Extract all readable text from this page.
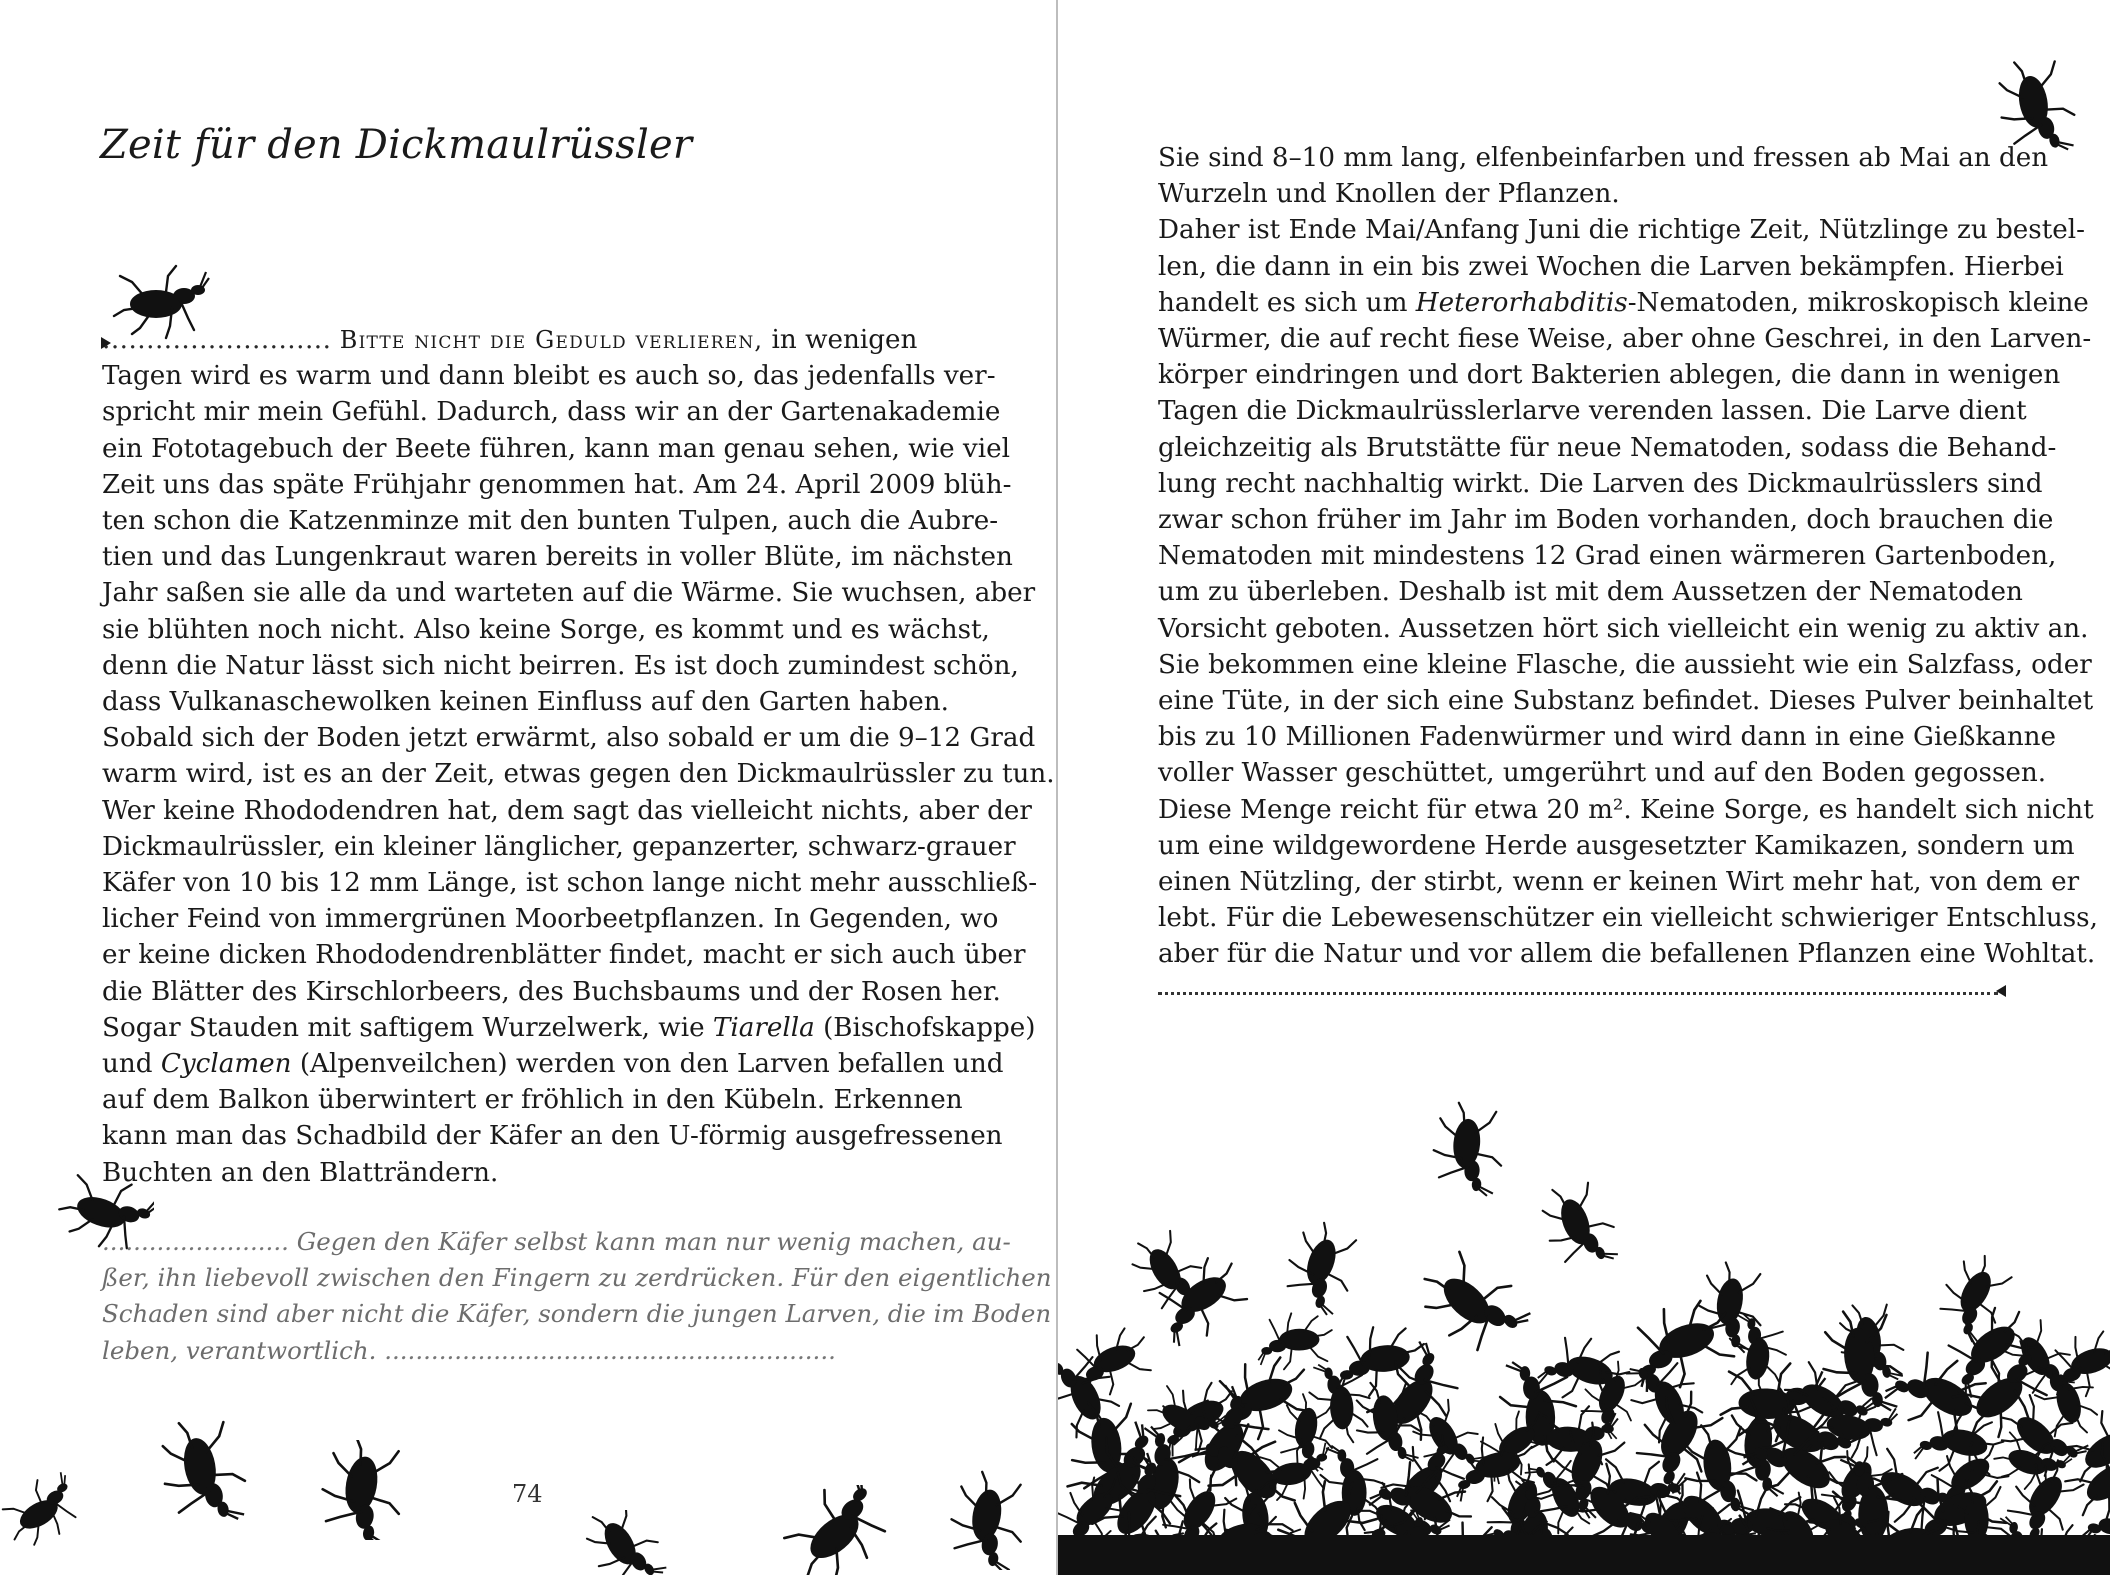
Zeit für den Dickmaulrüssler
.......................... Bitte nicht die Geduld verlieren, in wenigen
Tagen wird es warm und dann bleibt es auch so, das jedenfalls ver-
spricht mir mein Gefühl. Dadurch, dass wir an der Gartenakademie
ein Fototagebuch der Beete führen, kann man genau sehen, wie viel
Zeit uns das späte Frühjahr genommen hat. Am 24. April 2009 blüh-
ten schon die Katzenminze mit den bunten Tulpen, auch die Aubre-
tien und das Lungenkraut waren bereits in voller Blüte, im nächsten
Jahr saßen sie alle da und warteten auf die Wärme. Sie wuchsen, aber
sie blühten noch nicht. Also keine Sorge, es kommt und es wächst,
denn die Natur lässt sich nicht beirren. Es ist doch zumindest schön,
dass Vulkanaschewolken keinen Einfluss auf den Garten haben.
Sobald sich der Boden jetzt erwärmt, also sobald er um die 9–12 Grad
warm wird, ist es an der Zeit, etwas gegen den Dickmaulrüssler zu tun.
Wer keine Rhododendren hat, dem sagt das vielleicht nichts, aber der
Dickmaulrüssler, ein kleiner länglicher, gepanzerter, schwarz-grauer
Käfer von 10 bis 12 mm Länge, ist schon lange nicht mehr ausschließ-
licher Feind von immergrünen Moorbeetpflanzen. In Gegenden, wo
er keine dicken Rhododendrenblätter findet, macht er sich auch über
die Blätter des Kirschlorbeers, des Buchsbaums und der Rosen her.
Sogar Stauden mit saftigem Wurzelwerk, wie Tiarella (Bischofskappe)
und Cyclamen (Alpenveilchen) werden von den Larven befallen und
auf dem Balkon überwintert er fröhlich in den Kübeln. Erkennen
kann man das Schadbild der Käfer an den U-förmig ausgefressenen
Buchten an den Blatträndern.
........................ Gegen den Käfer selbst kann man nur wenig machen, au-
ßer, ihn liebevoll zwischen den Fingern zu zerdrücken. Für den eigentlichen
Schaden sind aber nicht die Käfer, sondern die jungen Larven, die im Boden
leben, verantwortlich. ..........................................................
74
Sie sind 8–10 mm lang, elfenbeinfarben und fressen ab Mai an den
Wurzeln und Knollen der Pflanzen.
Daher ist Ende Mai/Anfang Juni die richtige Zeit, Nützlinge zu bestel-
len, die dann in ein bis zwei Wochen die Larven bekämpfen. Hierbei
handelt es sich um Heterorhabditis-Nematoden, mikroskopisch kleine
Würmer, die auf recht fiese Weise, aber ohne Geschrei, in den Larven-
körper eindringen und dort Bakterien ablegen, die dann in wenigen
Tagen die Dickmaulrüsslerlarve verenden lassen. Die Larve dient
gleichzeitig als Brutstätte für neue Nematoden, sodass die Behand-
lung recht nachhaltig wirkt. Die Larven des Dickmaulrüsslers sind
zwar schon früher im Jahr im Boden vorhanden, doch brauchen die
Nematoden mit mindestens 12 Grad einen wärmeren Gartenboden,
um zu überleben. Deshalb ist mit dem Aussetzen der Nematoden
Vorsicht geboten. Aussetzen hört sich vielleicht ein wenig zu aktiv an.
Sie bekommen eine kleine Flasche, die aussieht wie ein Salzfass, oder
eine Tüte, in der sich eine Substanz befindet. Dieses Pulver beinhaltet
bis zu 10 Millionen Fadenwürmer und wird dann in eine Gießkanne
voller Wasser geschüttet, umgerührt und auf den Boden gegossen.
Diese Menge reicht für etwa 20 m². Keine Sorge, es handelt sich nicht
um eine wildgewordene Herde ausgesetzter Kamikazen, sondern um
einen Nützling, der stirbt, wenn er keinen Wirt mehr hat, von dem er
lebt. Für die Lebewesenschützer ein vielleicht schwieriger Entschluss,
aber für die Natur und vor allem die befallenen Pflanzen eine Wohltat.
